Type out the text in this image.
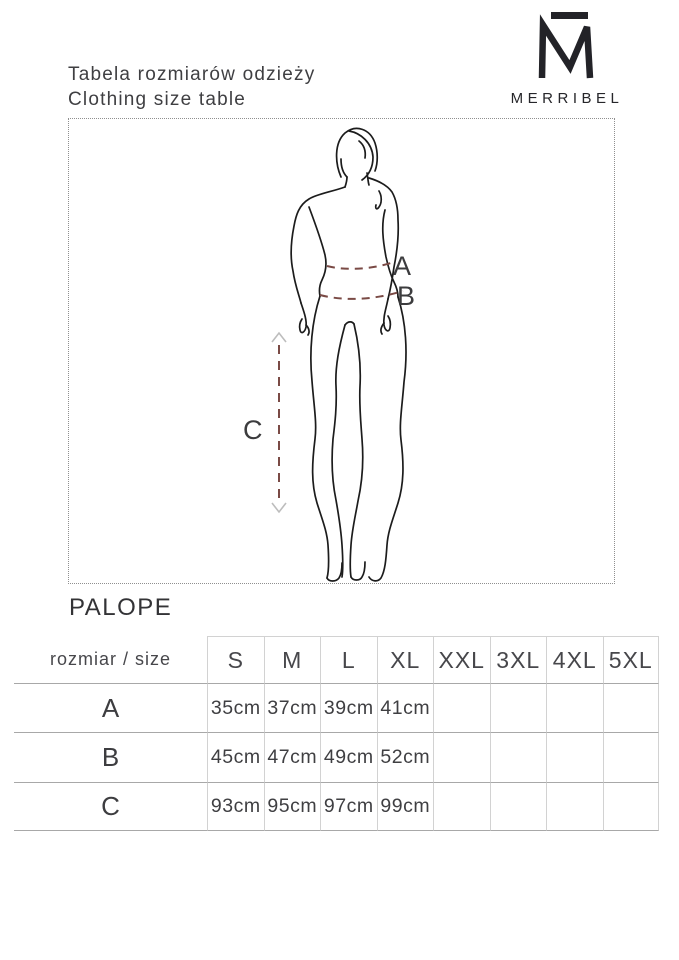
Tabela rozmiarów odzieży
Clothing size table	MERRIBEL
A
B
C
PALOPE
rozmiar / size	S	M	L	XL XXL 3XL 4XL 5XL
A	35cm 37cm 39cm 41cm
B	45cm 47cm 49cm 52cm
C	93cm 95cm 97cm 99cm
